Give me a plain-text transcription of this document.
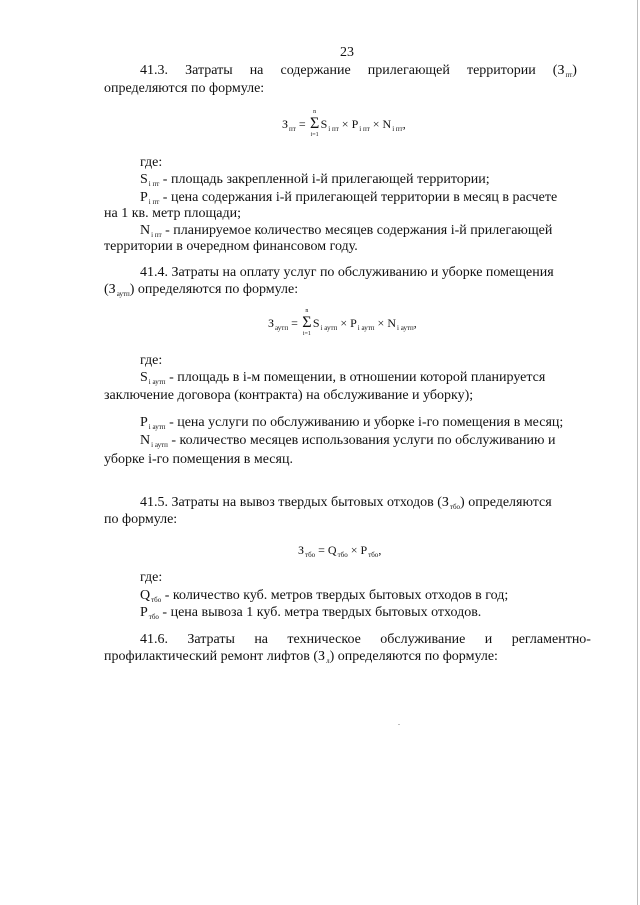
23
41.3. Затраты на содержание прилегающей территории $(З_{пт})$
определяются по формуле:
$З_{пт} = \Sigma$
n
i=1
$S_{i пт} \times P_{i пт} \times N_{i пт}$,
где:
$S_{i пт}$ - площадь закрепленной i-й прилегающей территории;
$P_{i пт}$ - цена содержания i-й прилегающей территории в месяц в расчете
на 1 кв. метр площади;
$N_{i пт}$ - планируемое количество месяцев содержания i-й прилегающей
территории в очередном финансовом году.
41.4. Затраты на оплату услуг по обслуживанию и уборке помещения
$(З_{аутп})$ определяются по формуле:
$З_{аутп} = \Sigma$
n
i=1
$S_{i аутп} \times P_{i аутп} \times N_{i аутп}$,
где:
$S_{i аутп}$ - площадь в i-м помещении, в отношении которой планируется
заключение договора (контракта) на обслуживание и уборку);
$P_{i аутп}$ - цена услуги по обслуживанию и уборке i-го помещения в месяц;
$N_{i аутп}$ - количество месяцев использования услуги по обслуживанию и
уборке i-го помещения в месяц.
41.5. Затраты на вывоз твердых бытовых отходов $(З_{тбо})$ определяются
по формуле:
$З_{тбо} = Q_{тбо} \times P_{тбо}$,
где:
$Q_{тбо}$ - количество куб. метров твердых бытовых отходов в год;
$P_{тбо}$ - цена вывоза 1 куб. метра твердых бытовых отходов.
41.6. Затраты на техническое обслуживание и регламентно-
профилактический ремонт лифтов $(З_л)$ определяются по формуле:
